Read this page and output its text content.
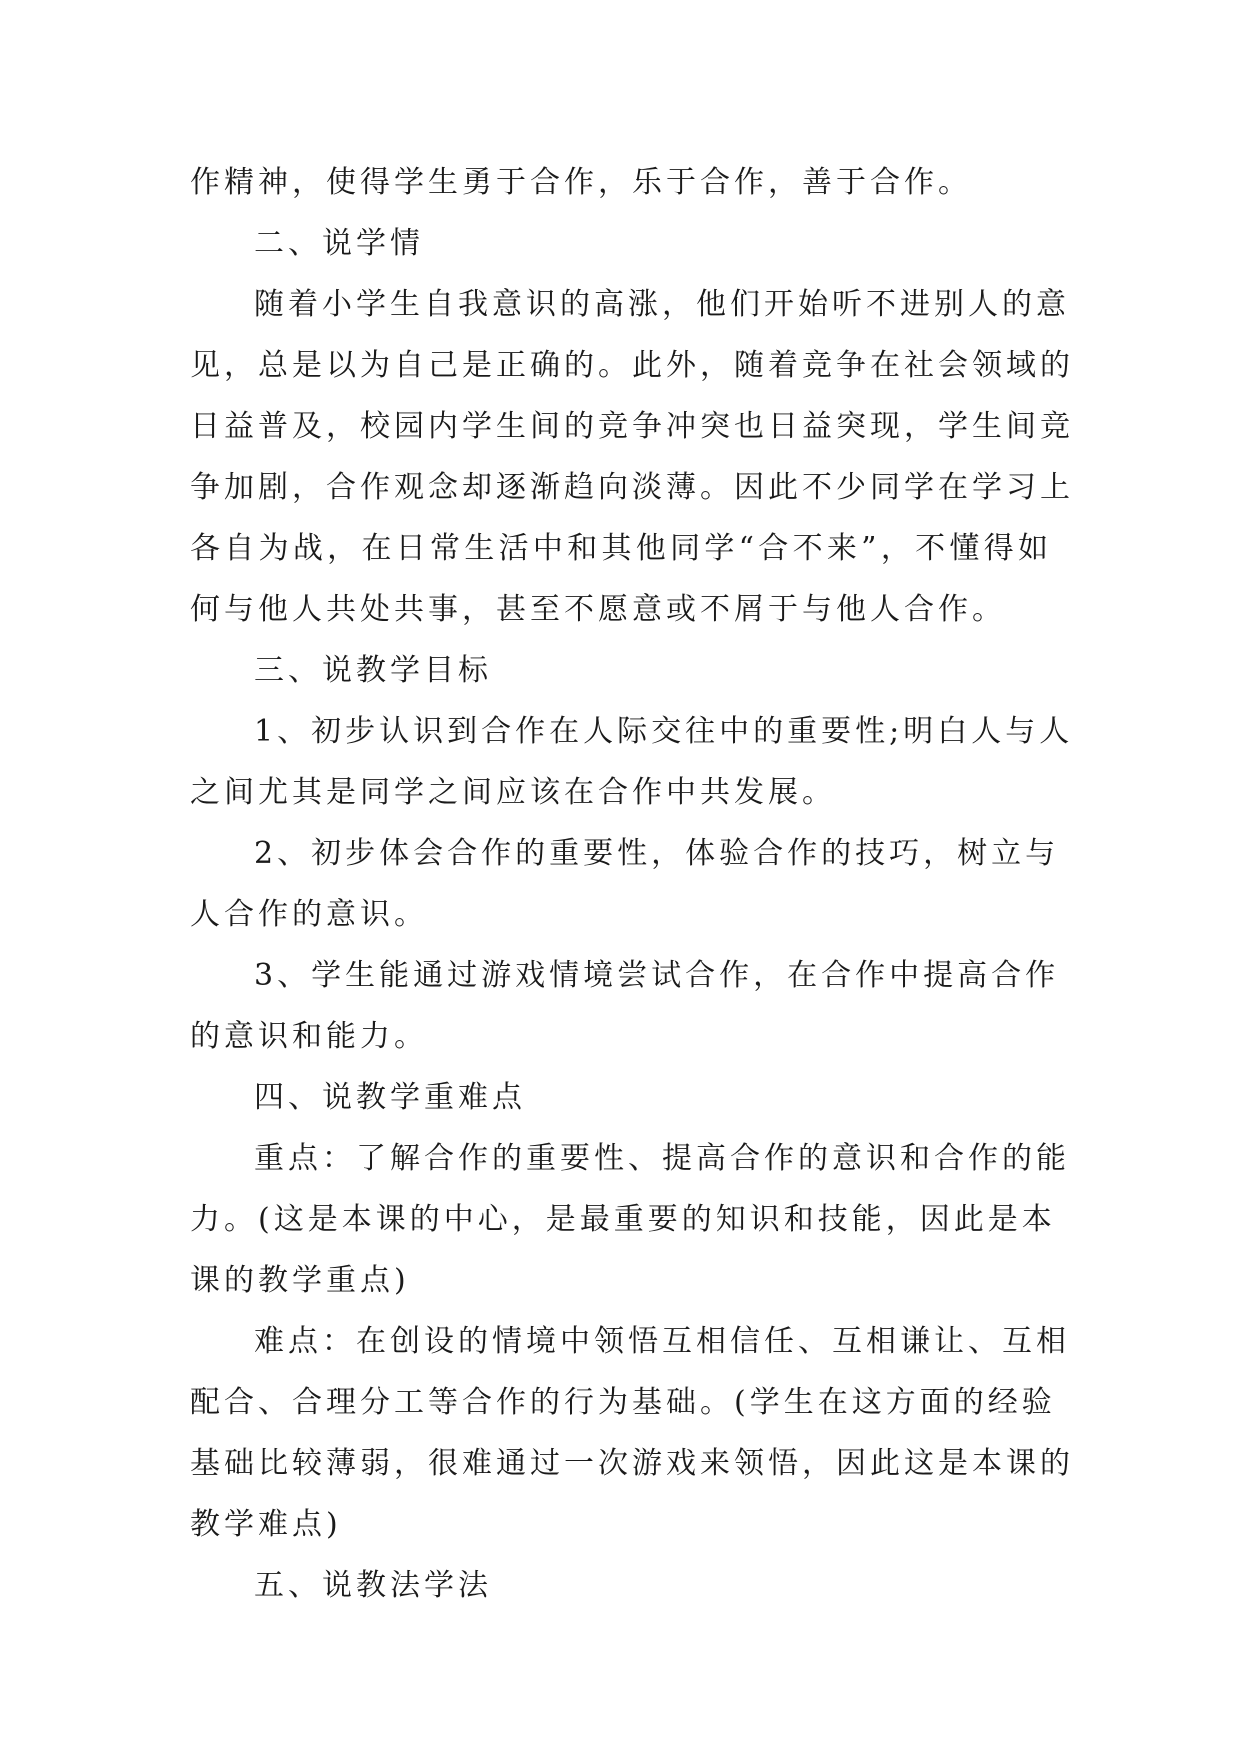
作精神，使得学生勇于合作，乐于合作，善于合作。
二、说学情
随着小学生自我意识的高涨，他们开始听不进别人的意
见，总是以为自己是正确的。此外，随着竞争在社会领域的
日益普及，校园内学生间的竞争冲突也日益突现，学生间竞
争加剧，合作观念却逐渐趋向淡薄。因此不少同学在学习上
各自为战，在日常生活中和其他同学“合不来”，不懂得如
何与他人共处共事，甚至不愿意或不屑于与他人合作。
三、说教学目标
1、初步认识到合作在人际交往中的重要性;明白人与人
之间尤其是同学之间应该在合作中共发展。
2、初步体会合作的重要性，体验合作的技巧，树立与
人合作的意识。
3、学生能通过游戏情境尝试合作，在合作中提高合作
的意识和能力。
四、说教学重难点
重点：了解合作的重要性、提高合作的意识和合作的能
力。(这是本课的中心，是最重要的知识和技能，因此是本
课的教学重点)
难点：在创设的情境中领悟互相信任、互相谦让、互相
配合、合理分工等合作的行为基础。(学生在这方面的经验
基础比较薄弱，很难通过一次游戏来领悟，因此这是本课的
教学难点)
五、说教法学法
